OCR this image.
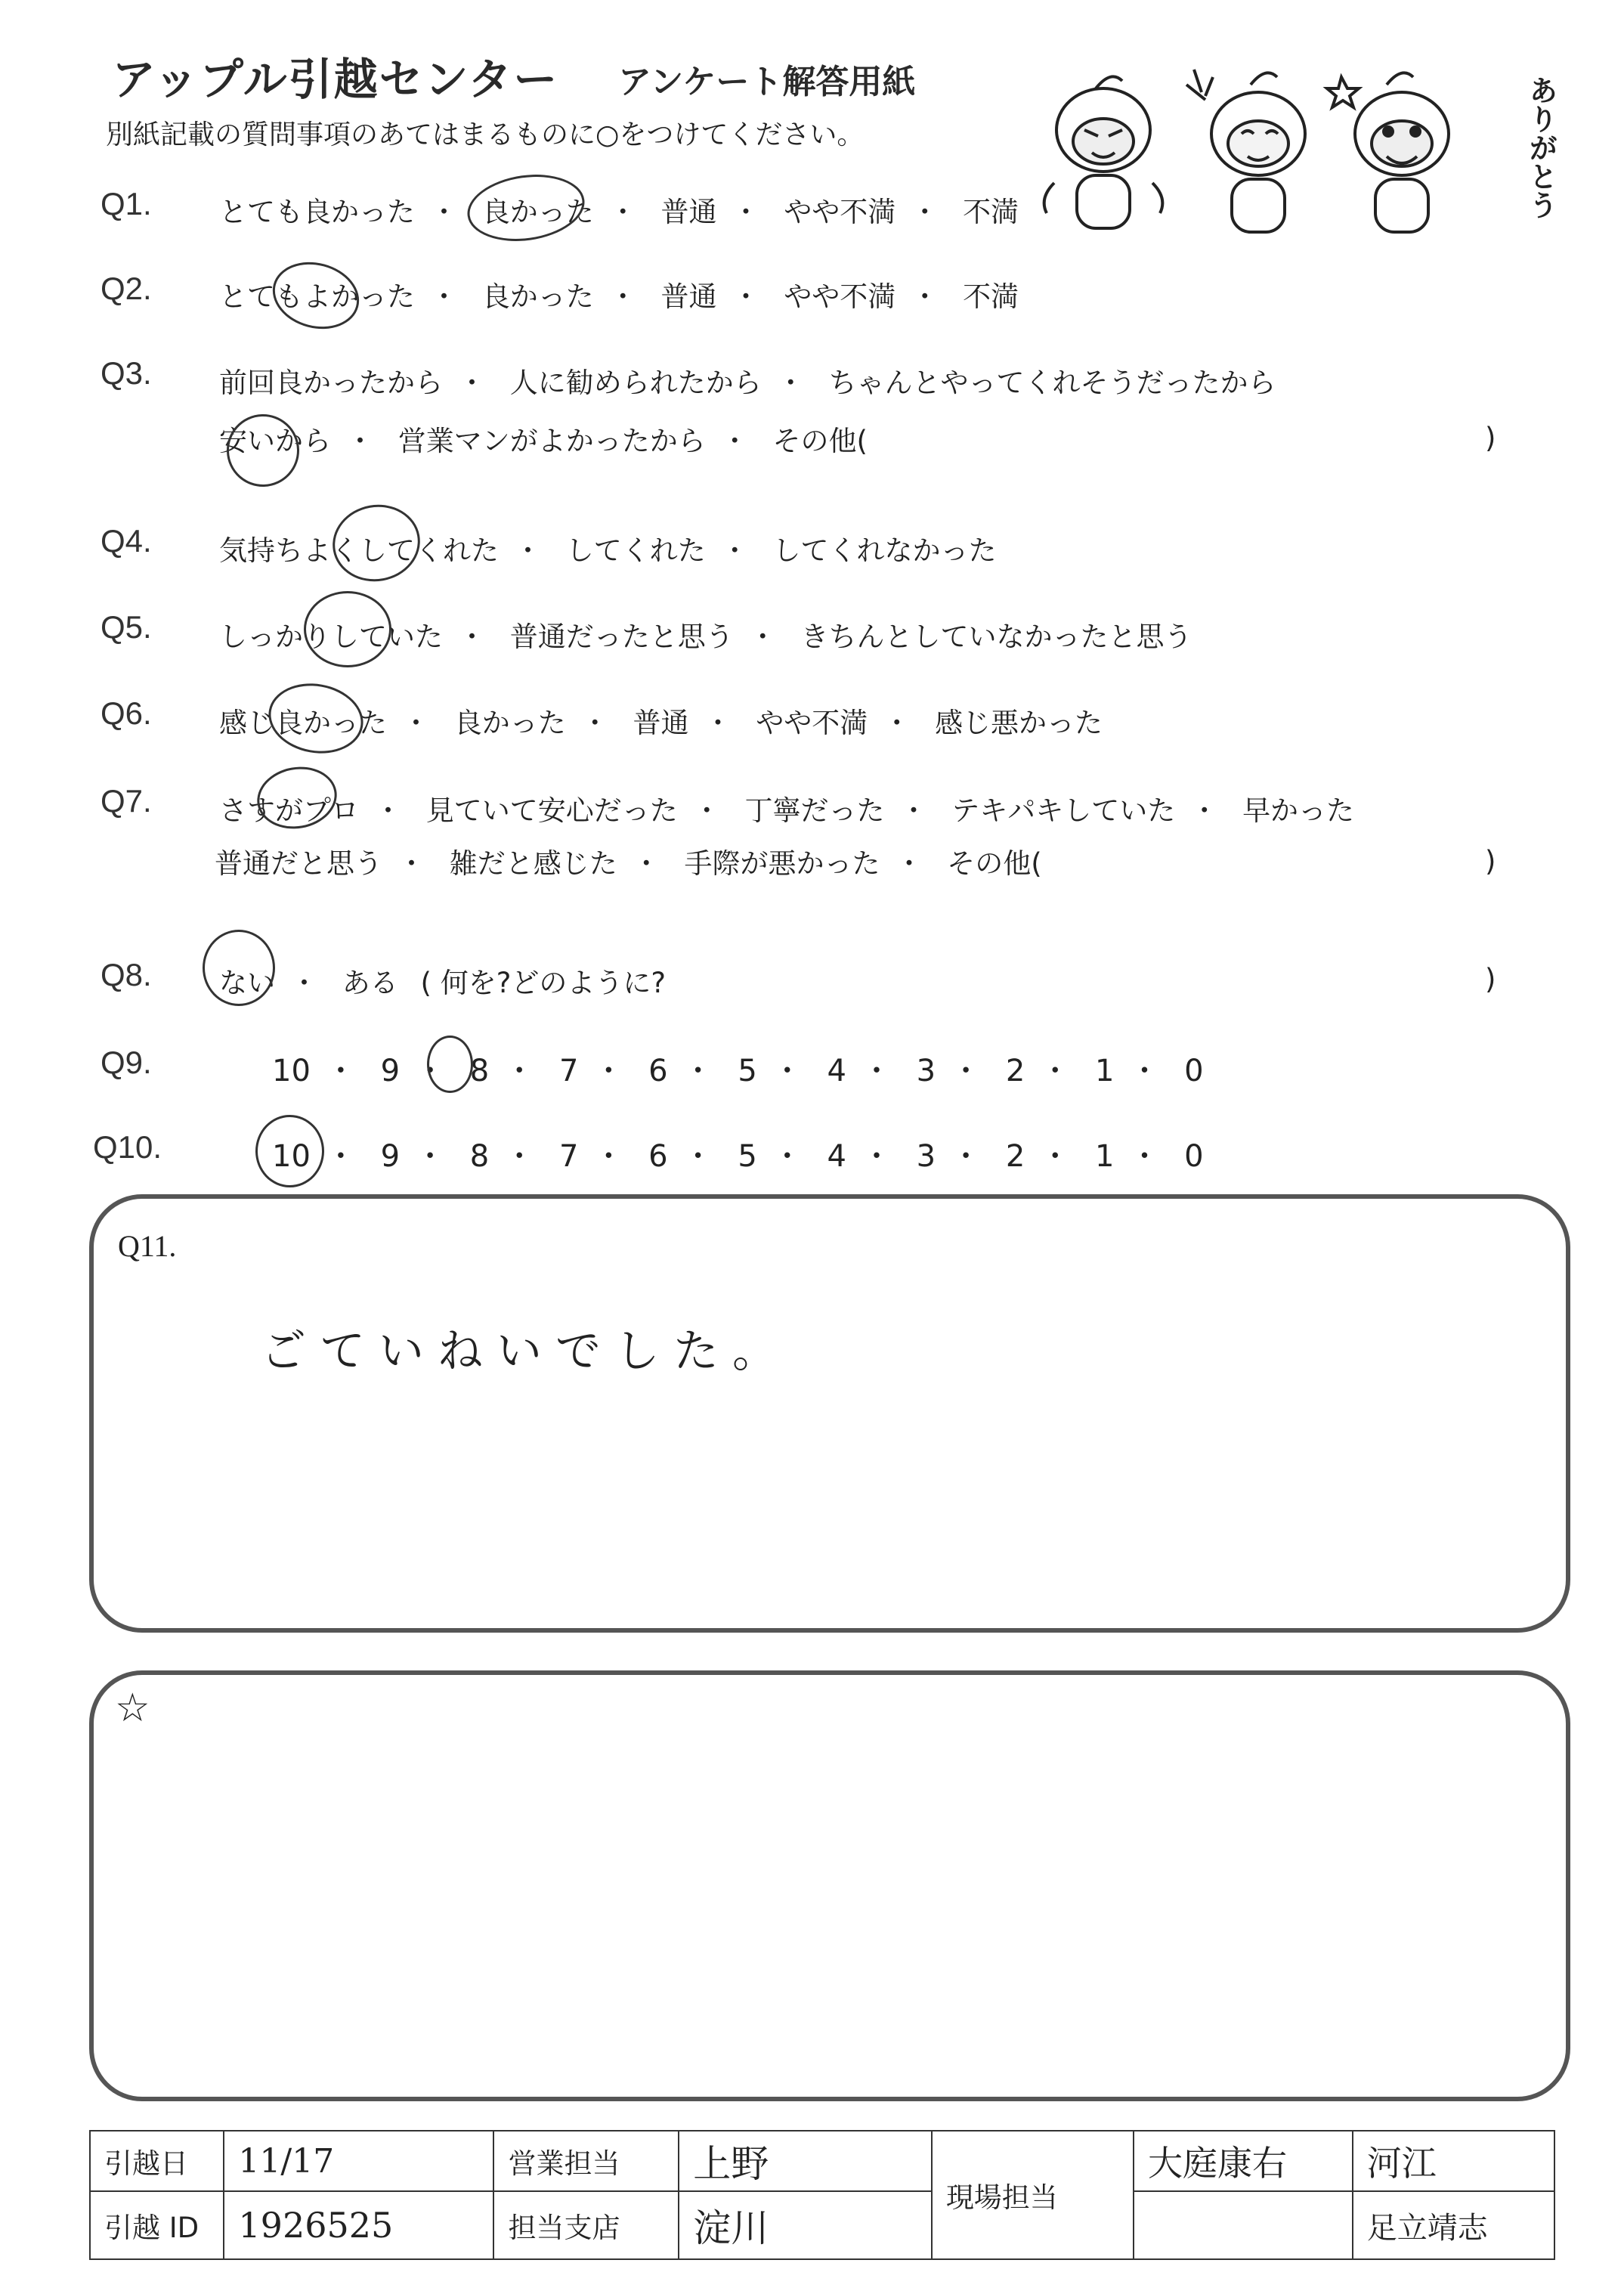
アップル引越センター アンケート解答用紙
別紙記載の質問事項のあてはまるものに○をつけてください。	ありがとう
Q1. とても良かった ・ 良かった ・ 普通 ・ やや不満 ・ 不満
Q2. とてもよかった ・ 良かった ・ 普通 ・ やや不満 ・ 不満
Q3. 前回良かったから ・ 人に勧められたから ・ ちゃんとやってくれそうだったから
安いから ・ 営業マンがよかったから ・ その他(	)
Q4. 気持ちよくしてくれた ・ してくれた ・ してくれなかった
Q5. しっかりしていた ・ 普通だったと思う ・ きちんとしていなかったと思う
Q6. 感じ良かった ・ 良かった ・ 普通 ・ やや不満 ・ 感じ悪かった
Q7. さすがプロ ・ 見ていて安心だった ・ 丁寧だった ・ テキパキしていた ・ 早かった
普通だと思う ・ 雑だと感じた ・ 手際が悪かった ・ その他(	)
Q8. ない ・ ある ( 何を?どのように?	)
Q9.	10 ・ 9 ・ 8 ・ 7 ・ 6 ・ 5 ・ 4 ・ 3 ・ 2 ・ 1 ・ 0
Q10.	10 ・ 9 ・ 8 ・ 7 ・ 6 ・ 5 ・ 4 ・ 3 ・ 2 ・ 1 ・ 0
Q11.
ごていねいでした。
☆
引越日	11/17	営業担当	上野	現場担当	大庭康右	河江
引越 ID	1926525	担当支店	淀川			足立靖志
